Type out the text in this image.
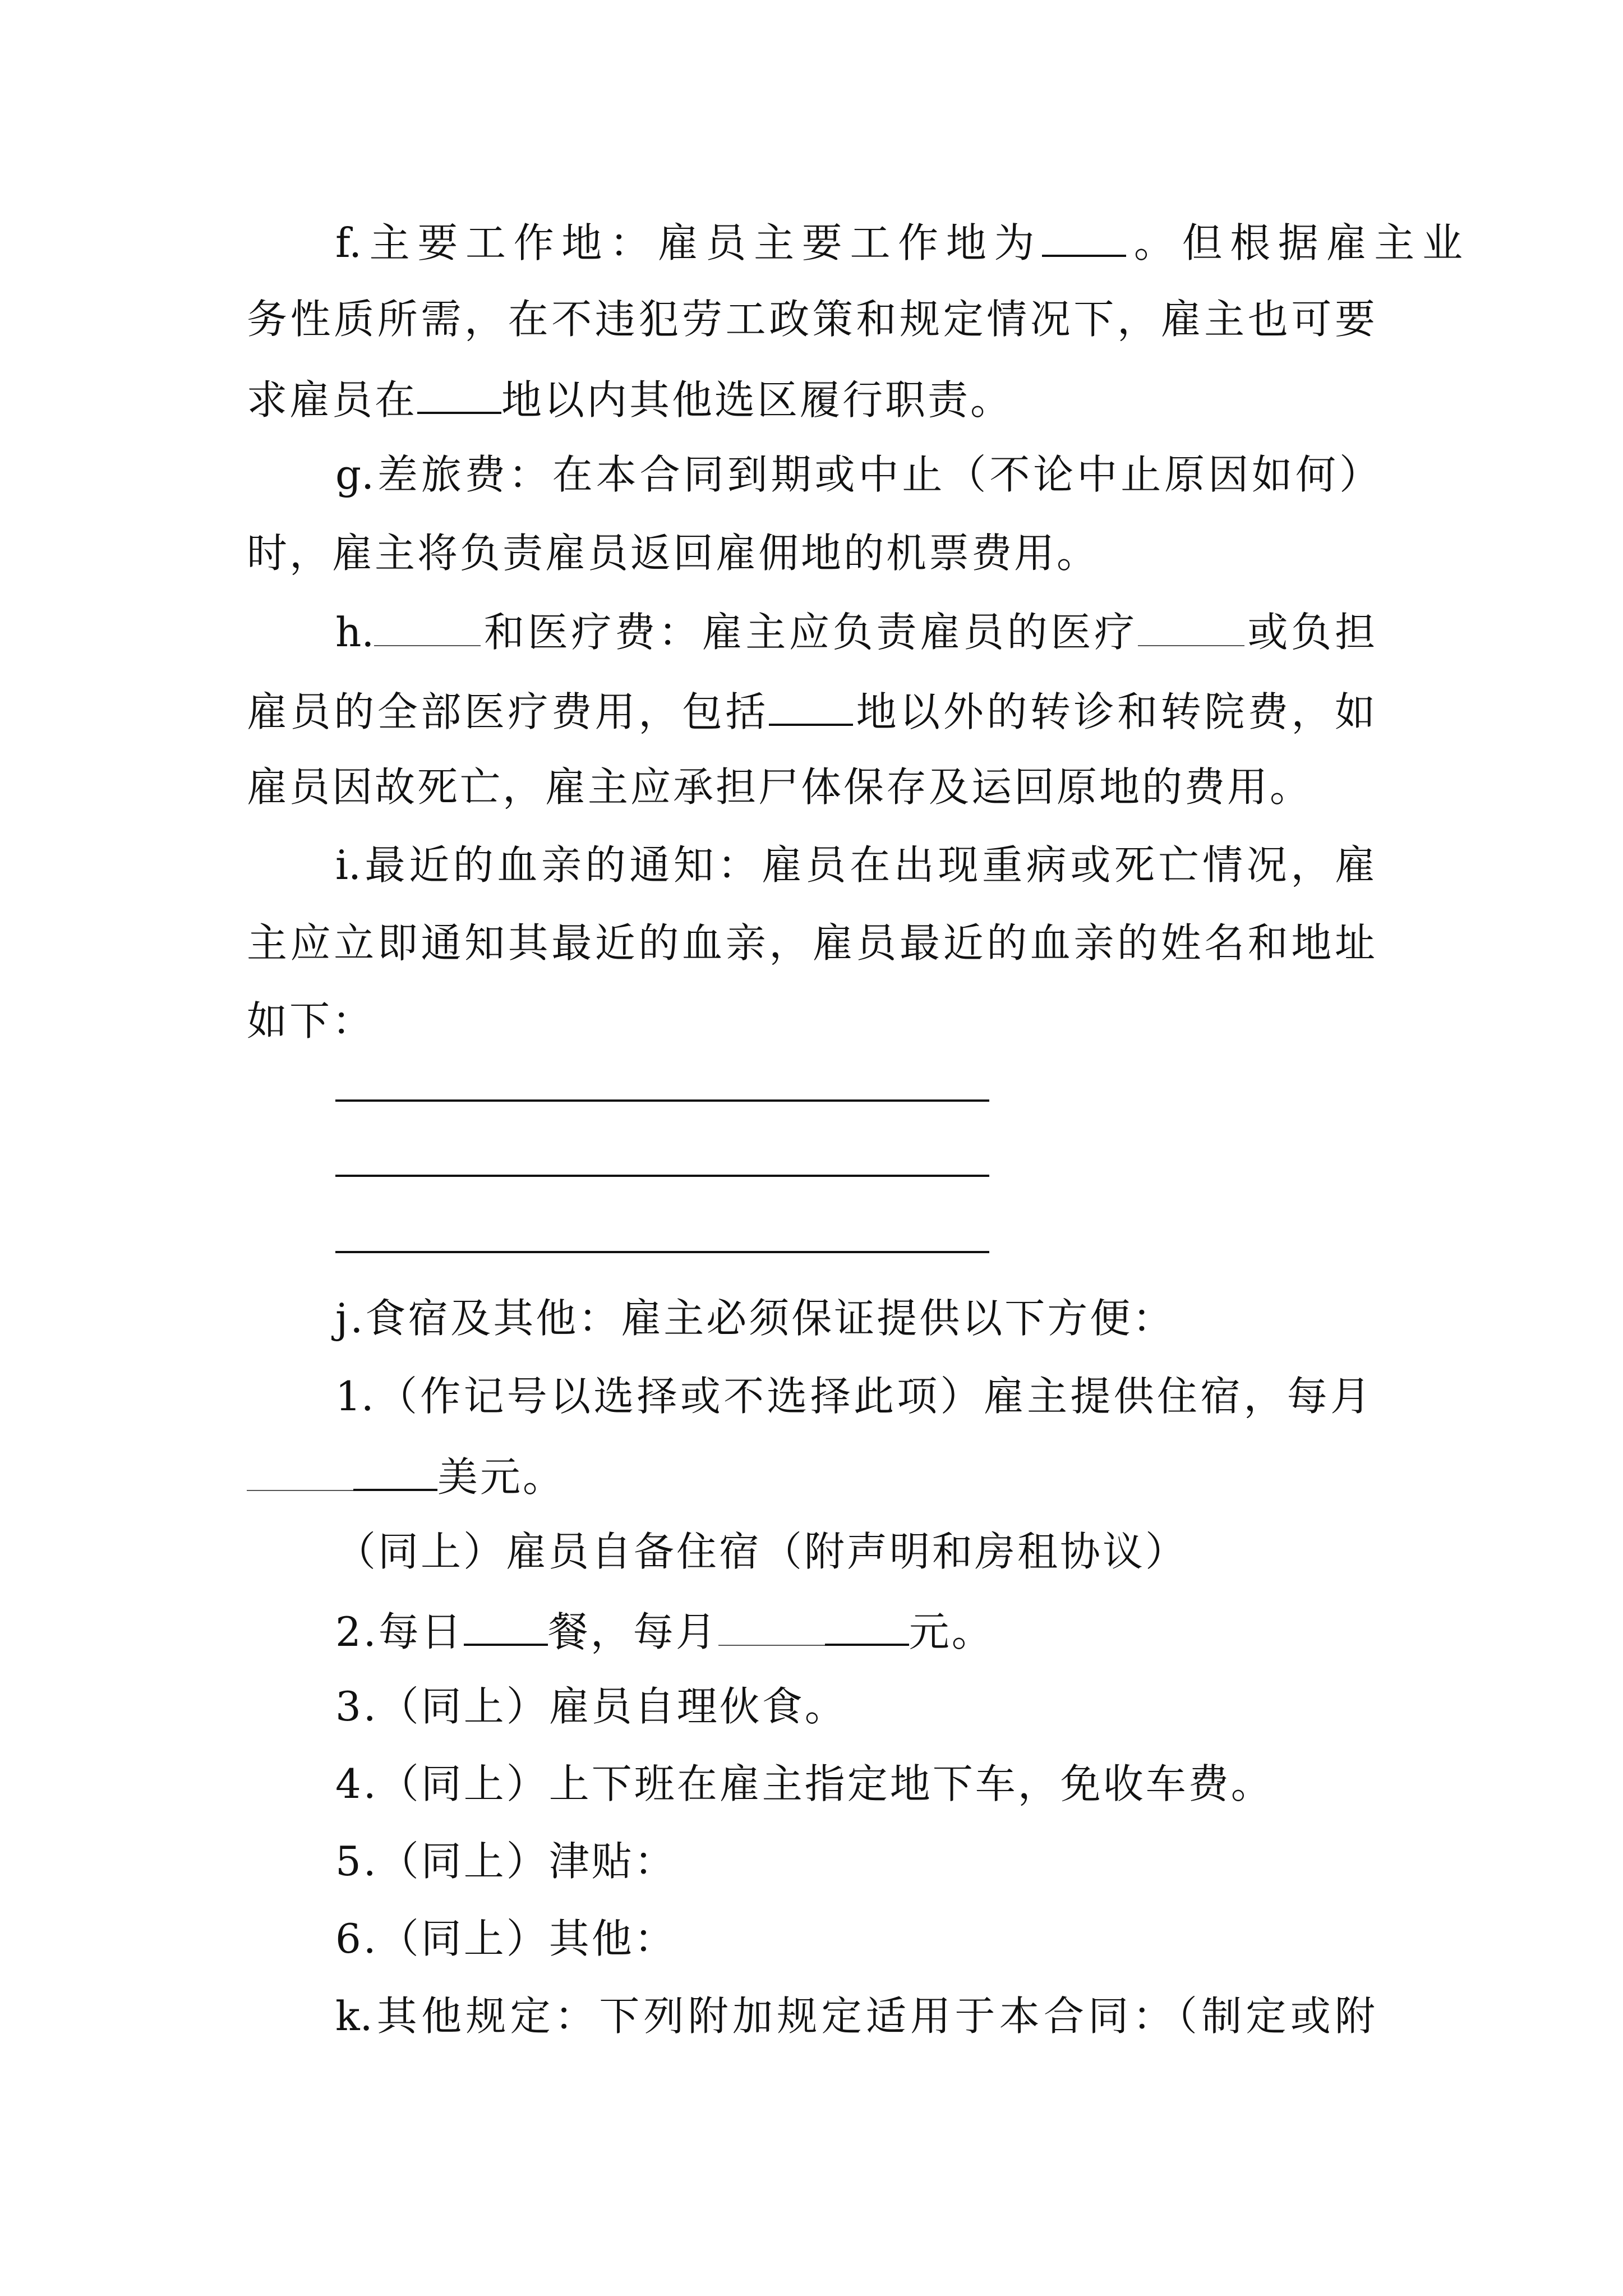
f.主要工作地：雇员主要工作地为 。但根据雇主业
务性质所需，在不违犯劳工政策和规定情况下，雇主也可要
求雇员在 地以内其他选区履行职责。
g.差旅费：在本合同到期或中止（不论中止原因如何）
时，雇主将负责雇员返回雇佣地的机票费用。
h.	和医疗费：雇主应负责雇员的医疗	或负担
雇员的全部医疗费用，包括 地以外的转诊和转院费，如
雇员因故死亡，雇主应承担尸体保存及运回原地的费用。
i.最近的血亲的通知：雇员在出现重病或死亡情况，雇
主应立即通知其最近的血亲，雇员最近的血亲的姓名和地址
如下：
j.食宿及其他：雇主必须保证提供以下方便：
1.（作记号以选择或不选择此项）雇主提供住宿，每月
美元。
（同上）雇员自备住宿（附声明和房租协议）
2.每日 餐，每月	元。
3.（同上）雇员自理伙食。
4.（同上）上下班在雇主指定地下车，免收车费。
5.（同上）津贴：
6.（同上）其他：
k.其他规定：下列附加规定适用于本合同：（制定或附
